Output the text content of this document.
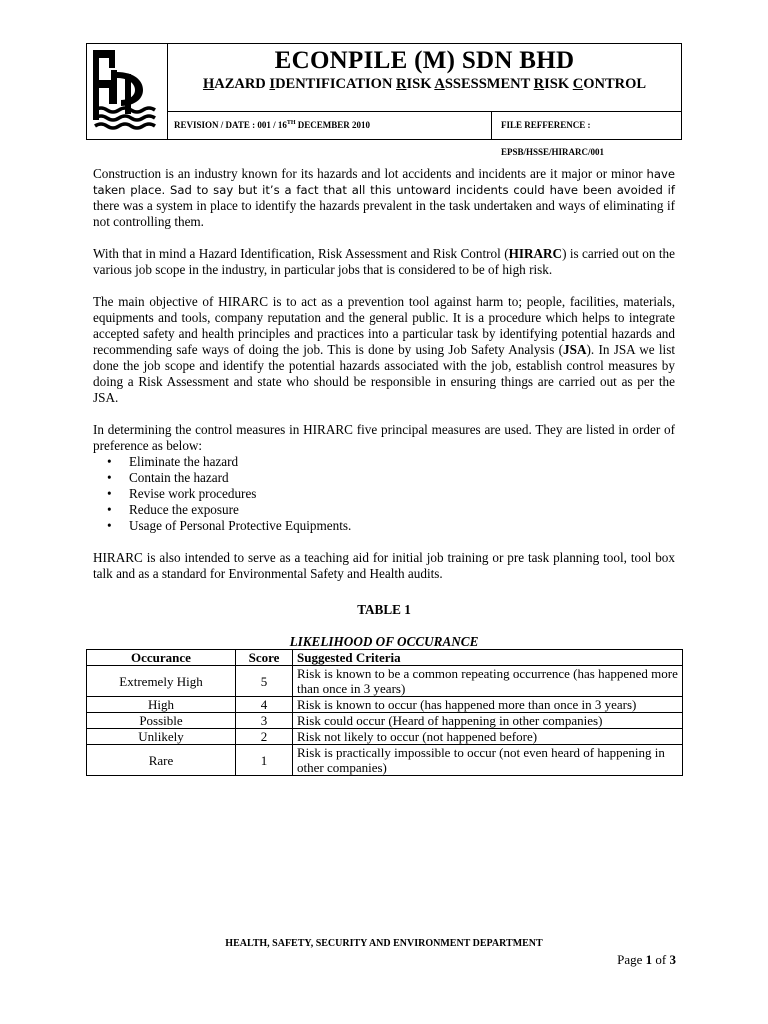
ECONPILE (M) SDN BHD
HAZARD IDENTIFICATION RISK ASSESSMENT RISK CONTROL
REVISION / DATE : 001 / 16TH DECEMBER 2010	FILE REFFERENCE : EPSB/HSSE/HIRARC/001

Construction is an industry known for its hazards and lot accidents and incidents are it major or minor have taken place. Sad to say but it’s a fact that all this untoward incidents could have been avoided if there was a system in place to identify the hazards prevalent in the task undertaken and ways of eliminating if not controlling them.

With that in mind a Hazard Identification, Risk Assessment and Risk Control (HIRARC) is carried out on the various job scope in the industry, in particular jobs that is considered to be of high risk.

The main objective of HIRARC is to act as a prevention tool against harm to; people, facilities, materials, equipments and tools, company reputation and the general public. It is a procedure which helps to integrate accepted safety and health principles and practices into a particular task by identifying potential hazards and recommending safe ways of doing the job. This is done by using Job Safety Analysis (JSA). In JSA we list done the job scope and identify the potential hazards associated with the job, establish control measures by doing a Risk Assessment and state who should be responsible in ensuring things are carried out as per the JSA.

In determining the control measures in HIRARC five principal measures are used. They are listed in order of preference as below:

• Eliminate the hazard
• Contain the hazard
• Revise work procedures
• Reduce the exposure
• Usage of Personal Protective Equipments.

HIRARC is also intended to serve as a teaching aid for initial job training or pre task planning tool, tool box talk and as a standard for Environmental Safety and Health audits.

TABLE 1

LIKELIHOOD OF OCCURANCE

Occurance	Score	Suggested Criteria
Extremely High	5	Risk is known to be a common repeating occurrence (has happened more than once in 3 years)
High	4	Risk is known to occur (has happened more than once in 3 years)
Possible	3	Risk could occur (Heard of happening in other companies)
Unlikely	2	Risk not likely to occur (not happened before)
Rare	1	Risk is practically impossible to occur (not even heard of happening in other companies)
HEALTH, SAFETY, SECURITY AND ENVIRONMENT DEPARTMENT
Page 1 of 3
